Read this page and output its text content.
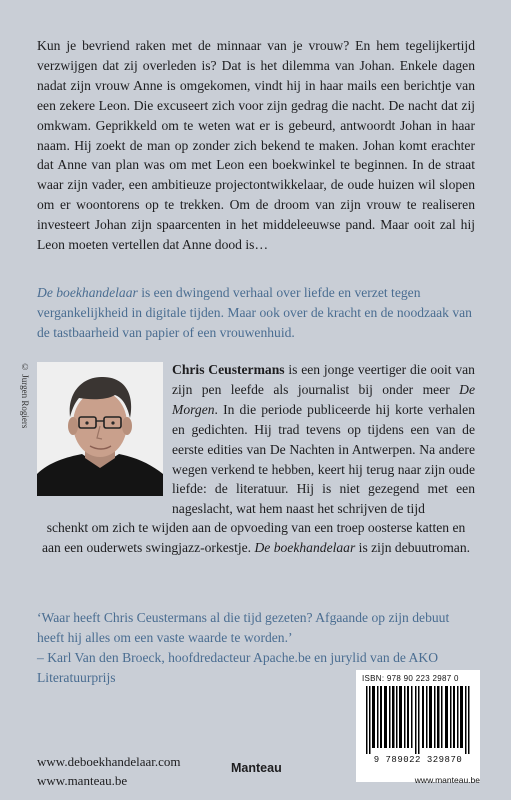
Kun je bevriend raken met de minnaar van je vrouw? En hem tegelijkertijd verzwijgen dat zij overleden is? Dat is het dilemma van Johan. Enkele dagen nadat zijn vrouw Anne is omgekomen, vindt hij in haar mails een berichtje van een zekere Leon. Die excuseert zich voor zijn gedrag die nacht. De nacht dat zij omkwam. Geprikkeld om te weten wat er is gebeurd, antwoordt Johan in haar naam. Hij zoekt de man op zonder zich bekend te maken. Johan komt erachter dat Anne van plan was om met Leon een boekwinkel te beginnen. In de straat waar zijn vader, een ambitieuze projectontwikkelaar, de oude huizen wil slopen om er woontorens op te trekken. Om de droom van zijn vrouw te realiseren investeert Johan zijn spaarcenten in het middeleeuwse pand. Maar ooit zal hij Leon moeten vertellen dat Anne dood is…

De boekhandelaar is een dwingend verhaal over liefde en verzet tegen vergankelijkheid in digitale tijden. Maar ook over de kracht en de noodzaak van de tastbaarheid van papier of een vrouwenhuid.

© Jurgen Rogiers	Chris Ceustermans is een jonge veertiger die ooit van zijn pen leefde als journalist bij onder meer De Morgen. In die periode publiceerde hij korte verhalen en gedichten. Hij trad tevens op tijdens een van de eerste edities van De Nachten in Antwerpen. Na andere wegen verkend te hebben, keert hij terug naar zijn oude liefde: de literatuur. Hij is niet gezegend met een nageslacht, wat hem naast het schrijven de tijd

schenkt om zich te wijden aan de opvoeding van een troep oosterse katten en aan een ouderwets swingjazz-orkestje. De boekhandelaar is zijn debuutroman.

‘Waar heeft Chris Ceustermans al die tijd gezeten? Afgaande op zijn debuut heeft hij alles om een vaste waarde te worden.’
– Karl Van den Broeck, hoofdredacteur Apache.be en jurylid van de AKO Literatuurprijs	ISBN: 978 90 223 2987 0
9 789022 329870
www.manteau.be
www.deboekhandelaar.com
www.manteau.be
Manteau
